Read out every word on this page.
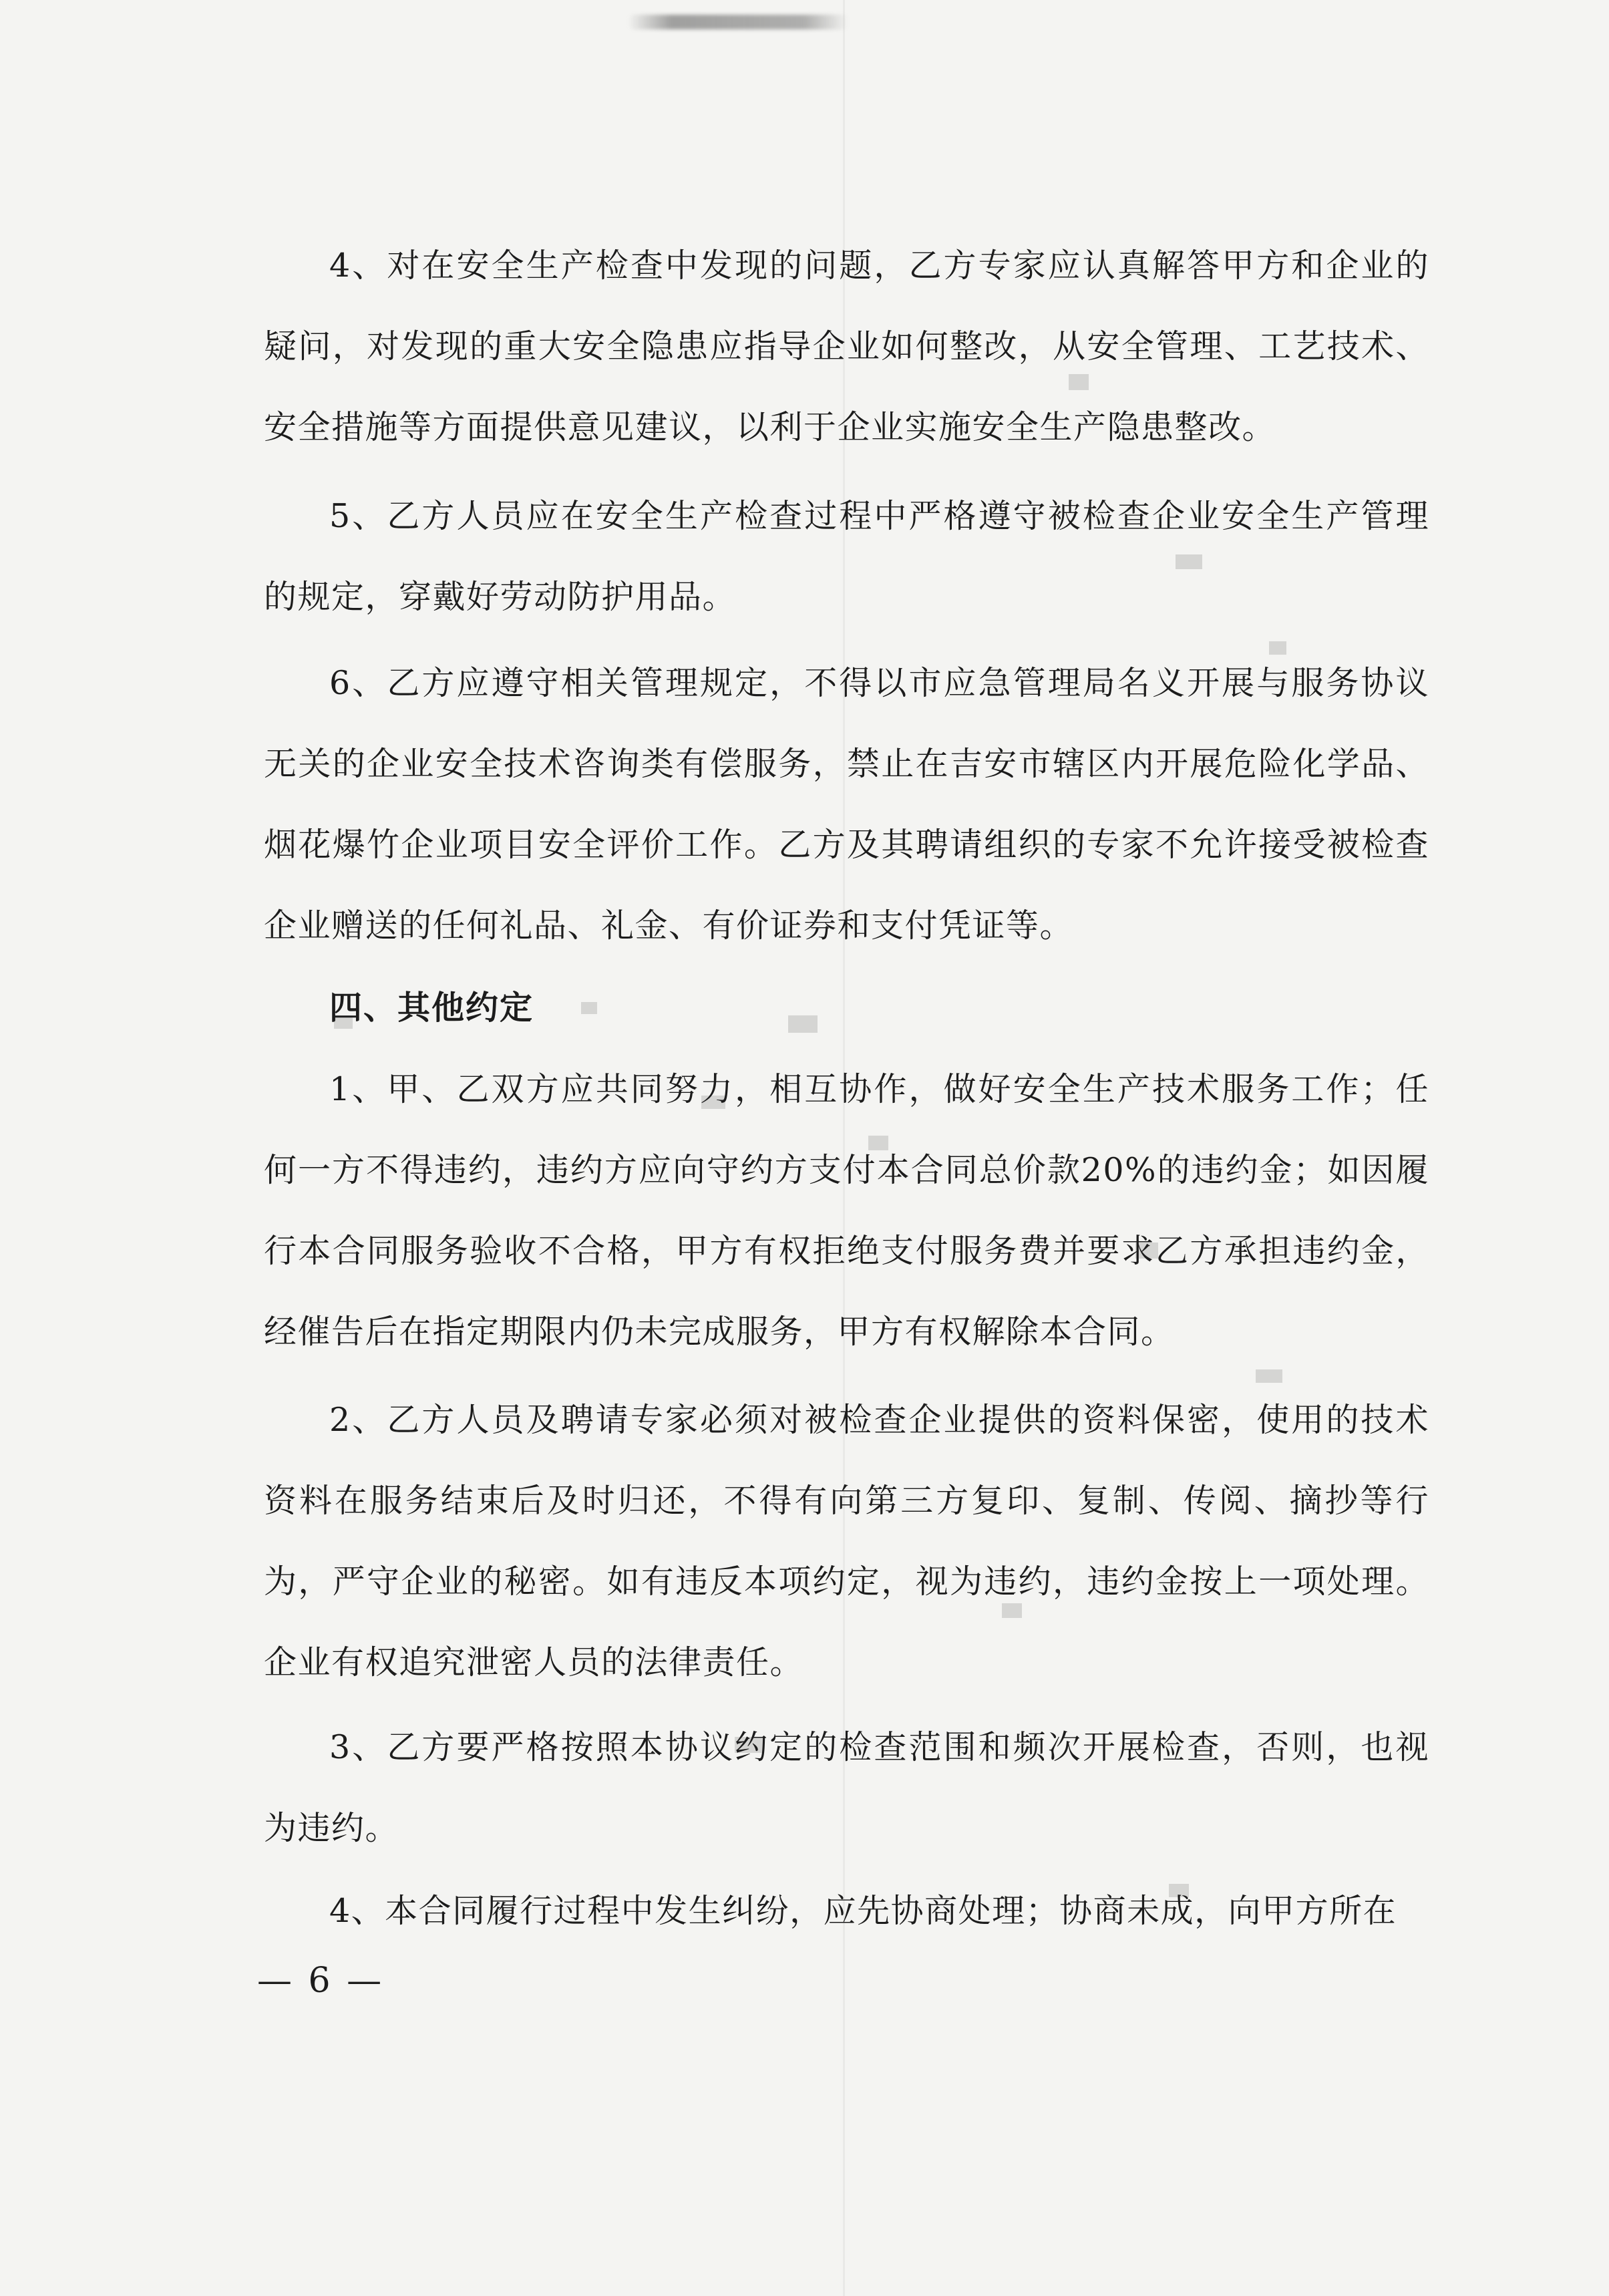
4、对在安全生产检查中发现的问题，乙方专家应认真解答甲方和企业的疑问，对发现的重大安全隐患应指导企业如何整改，从安全管理、工艺技术、安全措施等方面提供意见建议，以利于企业实施安全生产隐患整改。

5、乙方人员应在安全生产检查过程中严格遵守被检查企业安全生产管理的规定，穿戴好劳动防护用品。

6、乙方应遵守相关管理规定，不得以市应急管理局名义开展与服务协议无关的企业安全技术咨询类有偿服务，禁止在吉安市辖区内开展危险化学品、烟花爆竹企业项目安全评价工作。乙方及其聘请组织的专家不允许接受被检查企业赠送的任何礼品、礼金、有价证券和支付凭证等。

四、其他约定

1、甲、乙双方应共同努力，相互协作，做好安全生产技术服务工作；任何一方不得违约，违约方应向守约方支付本合同总价款20%的违约金；如因履行本合同服务验收不合格，甲方有权拒绝支付服务费并要求乙方承担违约金，经催告后在指定期限内仍未完成服务，甲方有权解除本合同。

2、乙方人员及聘请专家必须对被检查企业提供的资料保密，使用的技术资料在服务结束后及时归还，不得有向第三方复印、复制、传阅、摘抄等行为，严守企业的秘密。如有违反本项约定，视为违约，违约金按上一项处理。企业有权追究泄密人员的法律责任。

3、乙方要严格按照本协议约定的检查范围和频次开展检查，否则，也视为违约。

4、本合同履行过程中发生纠纷，应先协商处理；协商未成，向甲方所在

— 6 —
